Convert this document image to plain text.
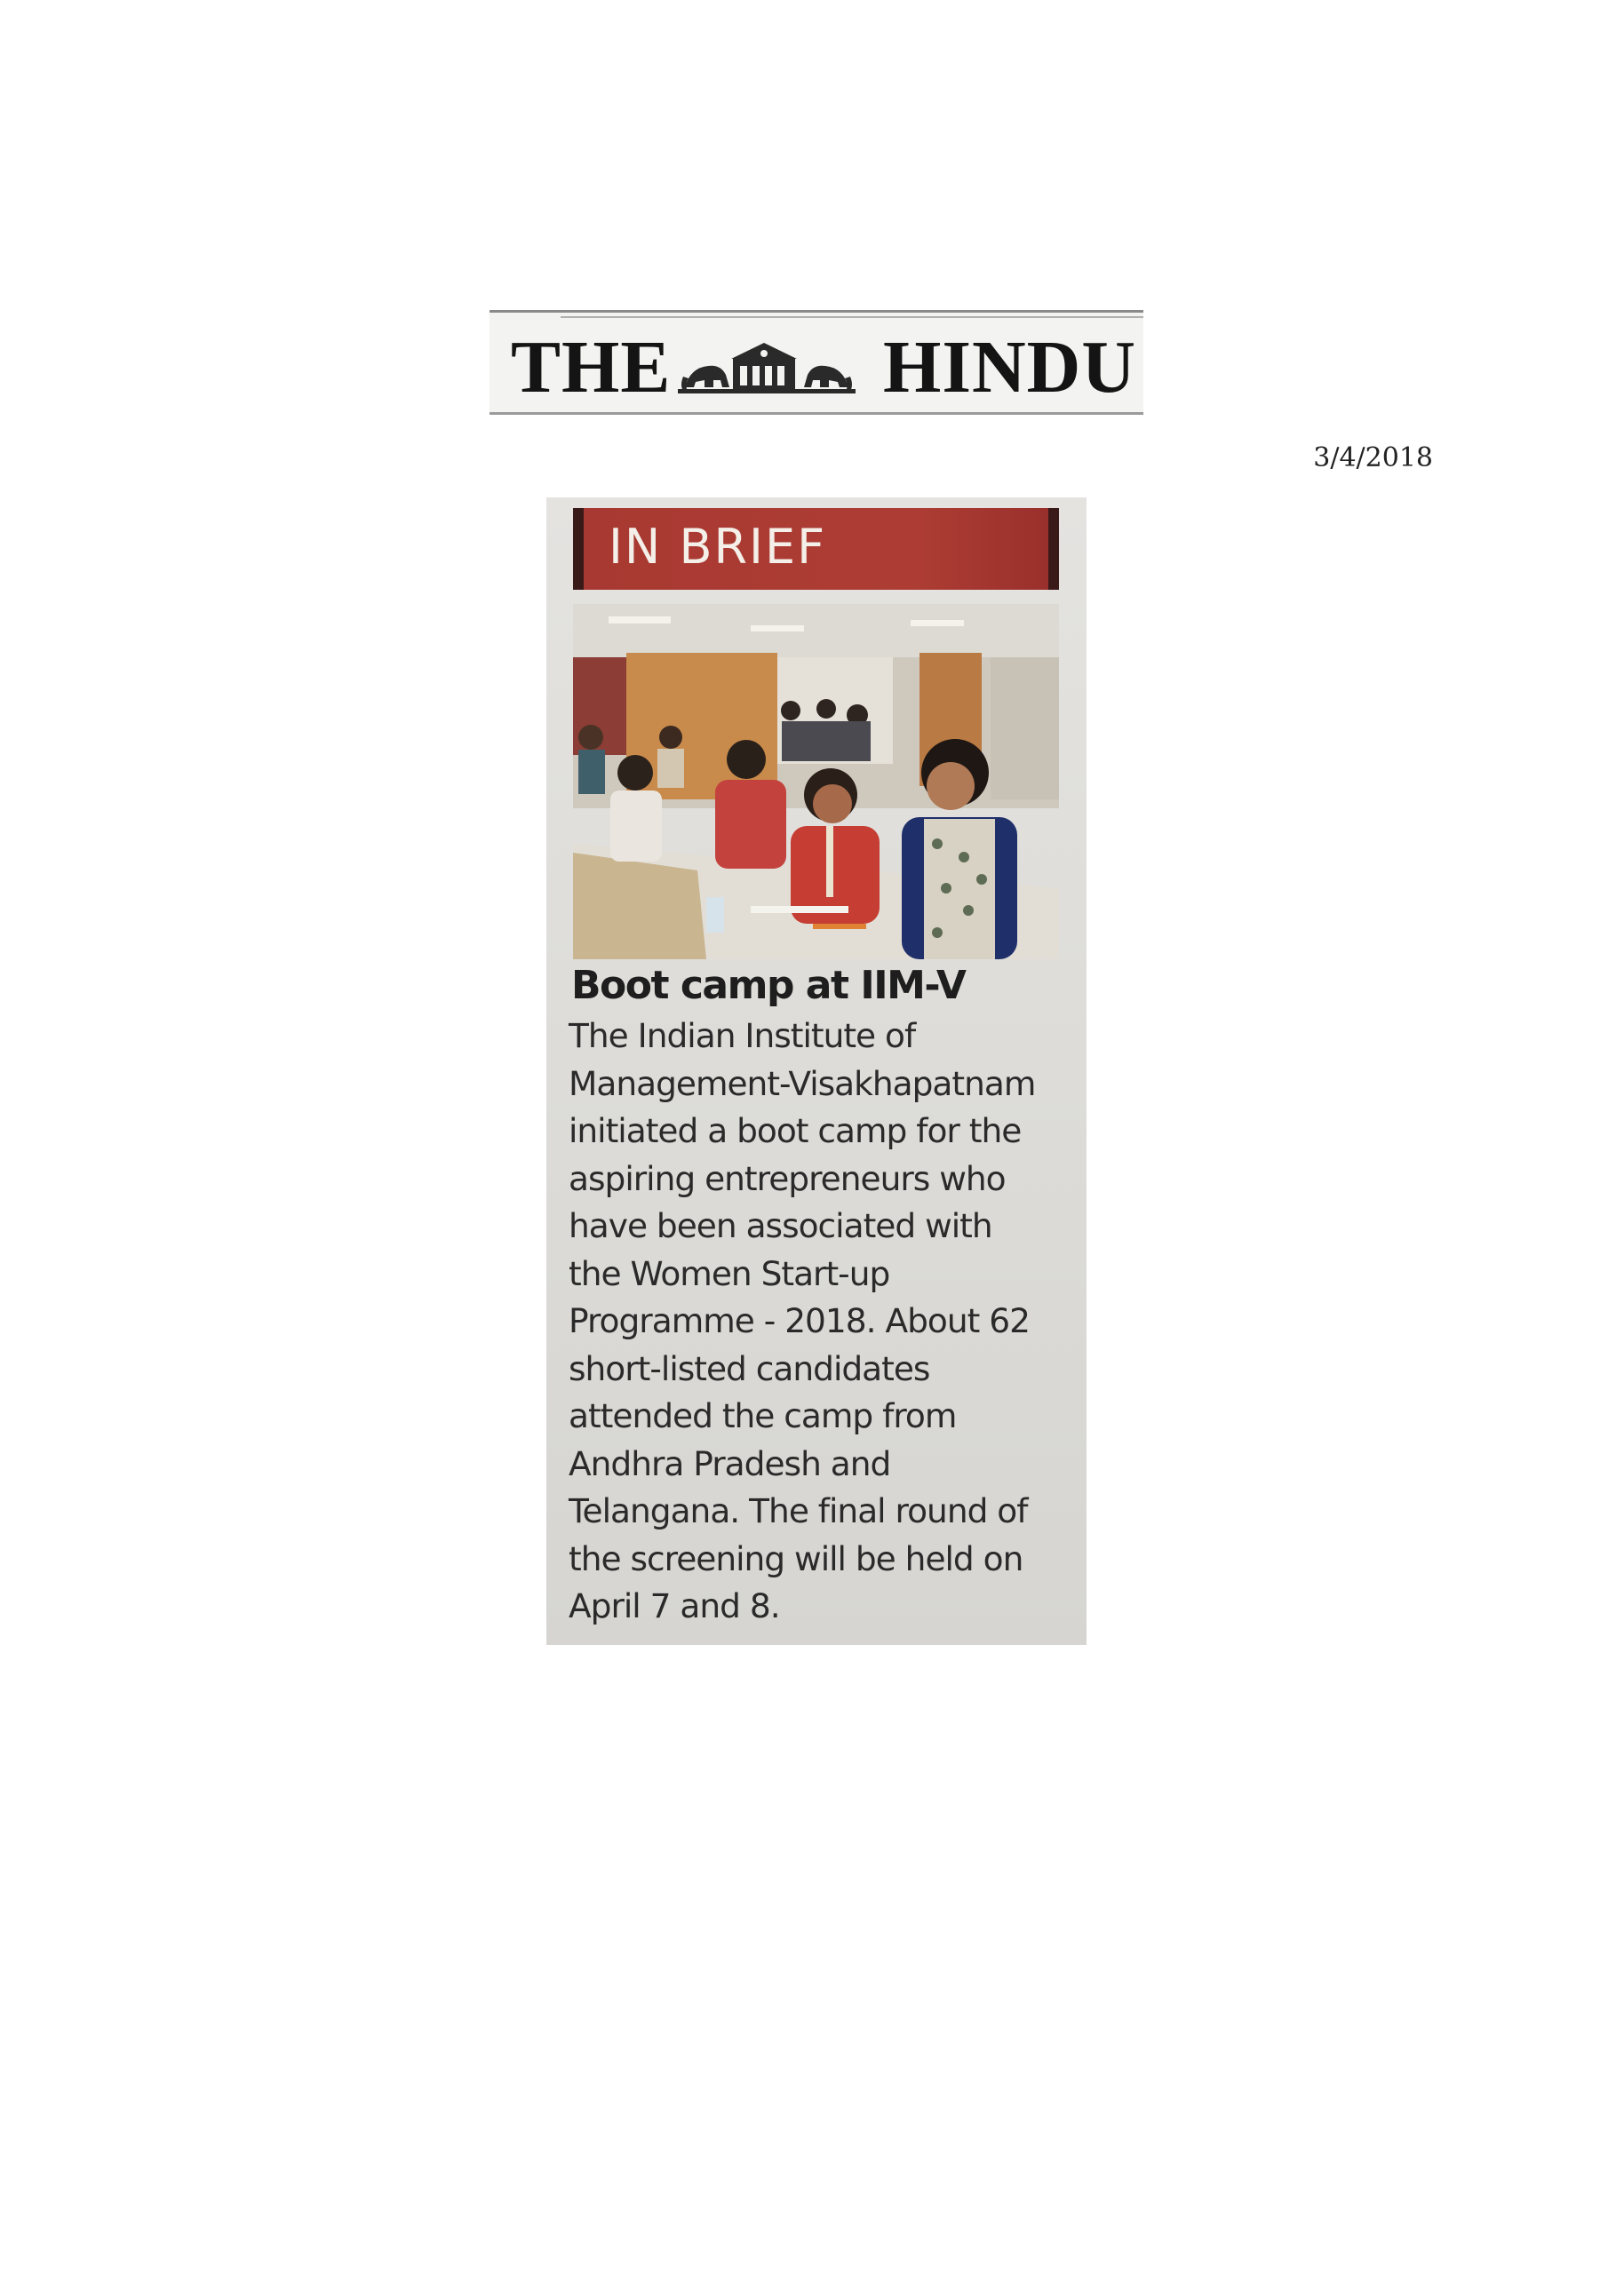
THE	HINDU
3/4/2018
IN BRIEF
Boot camp at IIM-V
The Indian Institute of
Management-Visakhapatnam
initiated a boot camp for the
aspiring entrepreneurs who
have been associated with
the Women Start-up
Programme - 2018. About 62
short-listed candidates
attended the camp from
Andhra Pradesh and
Telangana. The final round of
the screening will be held on
April 7 and 8.
